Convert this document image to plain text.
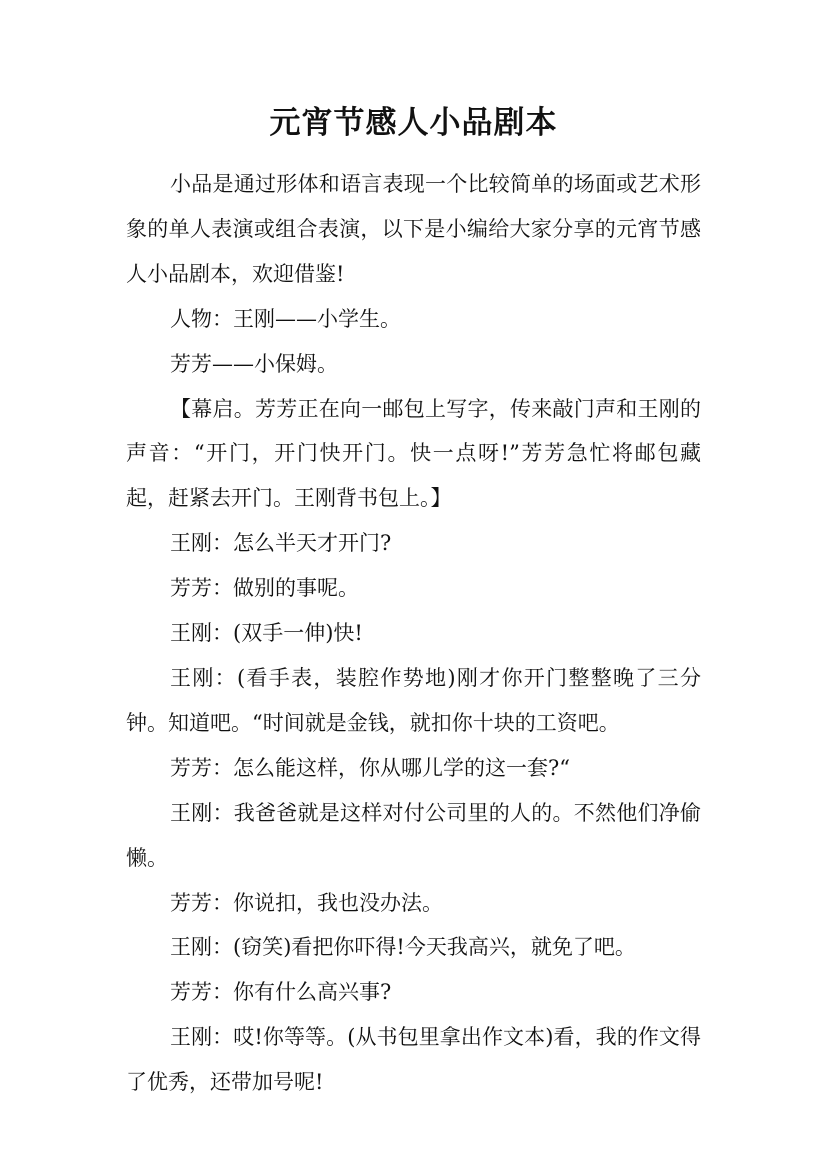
元宵节感人小品剧本

小品是通过形体和语言表现一个比较简单的场面或艺术形象的单人表演或组合表演，以下是小编给大家分享的元宵节感人小品剧本，欢迎借鉴!

人物：王刚——小学生。

芳芳——小保姆。

【幕启。芳芳正在向一邮包上写字，传来敲门声和王刚的声音：“开门，开门快开门。快一点呀!”芳芳急忙将邮包藏起，赶紧去开门。王刚背书包上。】

王刚：怎么半天才开门?

芳芳：做别的事呢。

王刚：(双手一伸)快!

王刚：(看手表，装腔作势地)刚才你开门整整晚了三分钟。知道吧。“时间就是金钱，就扣你十块的工资吧。

芳芳：怎么能这样，你从哪儿学的这一套?“

王刚：我爸爸就是这样对付公司里的人的。不然他们净偷懒。

芳芳：你说扣，我也没办法。

王刚：(窃笑)看把你吓得!今天我高兴，就免了吧。

芳芳：你有什么高兴事?

王刚：哎!你等等。(从书包里拿出作文本)看，我的作文得了优秀，还带加号呢!
